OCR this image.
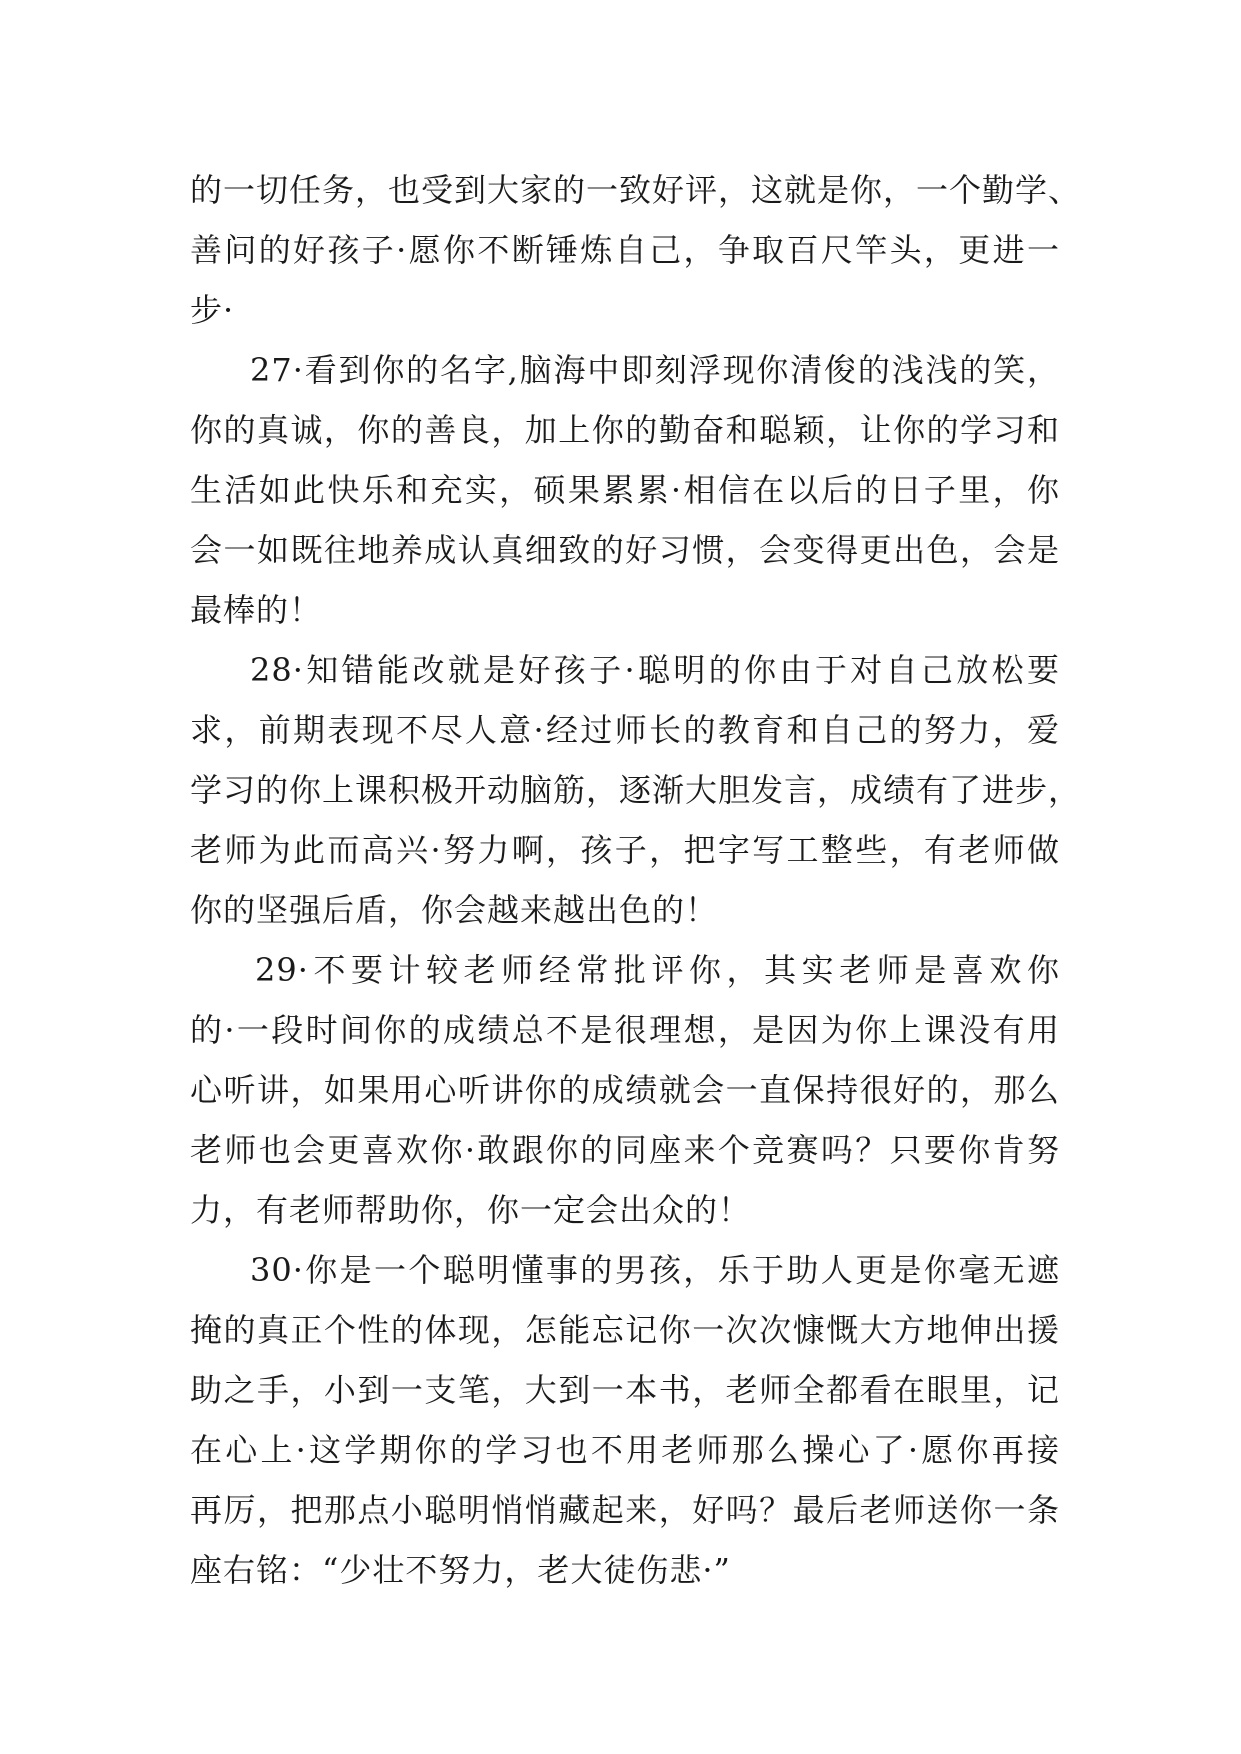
的一切任务，也受到大家的一致好评，这就是你，一个勤学、
善问的好孩子·愿你不断锤炼自己，争取百尺竿头，更进一
步·
27·看到你的名字,脑海中即刻浮现你清俊的浅浅的笑，
你的真诚，你的善良，加上你的勤奋和聪颖，让你的学习和
生活如此快乐和充实，硕果累累·相信在以后的日子里，你
会一如既往地养成认真细致的好习惯，会变得更出色，会是
最棒的！
28·知错能改就是好孩子·聪明的你由于对自己放松要
求，前期表现不尽人意·经过师长的教育和自己的努力，爱
学习的你上课积极开动脑筋，逐渐大胆发言，成绩有了进步，
老师为此而高兴·努力啊，孩子，把字写工整些，有老师做
你的坚强后盾，你会越来越出色的！
29·不要计较老师经常批评你，其实老师是喜欢你
的·一段时间你的成绩总不是很理想，是因为你上课没有用
心听讲，如果用心听讲你的成绩就会一直保持很好的，那么
老师也会更喜欢你·敢跟你的同座来个竞赛吗？只要你肯努
力，有老师帮助你，你一定会出众的！
30·你是一个聪明懂事的男孩，乐于助人更是你毫无遮
掩的真正个性的体现，怎能忘记你一次次慷慨大方地伸出援
助之手，小到一支笔，大到一本书，老师全都看在眼里，记
在心上·这学期你的学习也不用老师那么操心了·愿你再接
再厉，把那点小聪明悄悄藏起来，好吗？最后老师送你一条
座右铭：“少壮不努力，老大徒伤悲·”
